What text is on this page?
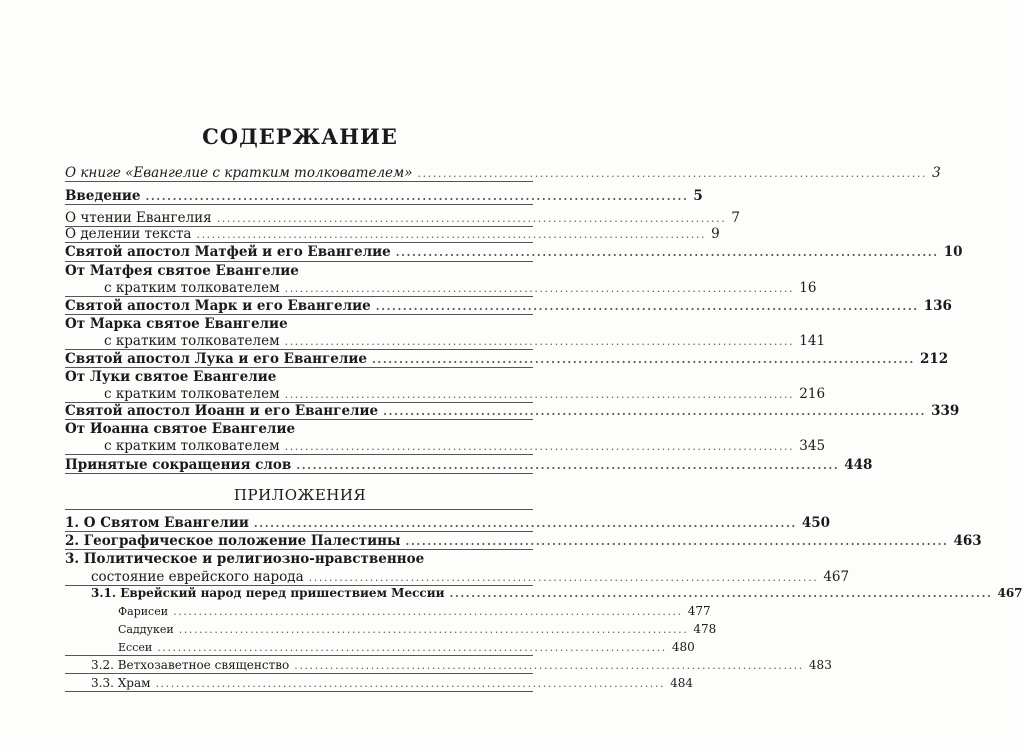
СОДЕРЖАНИЕ
О книге «Евангелие с кратким толкователем» .................................................................................................... 3
Введение .................................................................................................... 5
О чтении Евангелия .................................................................................................... 7
О делении текста .................................................................................................... 9
Святой апостол Матфей и его Евангелие .................................................................................................... 10
От Матфея святое Евангелие
с кратким толкователем .................................................................................................... 16
Святой апостол Марк и его Евангелие .................................................................................................... 136
От Марка святое Евангелие
с кратким толкователем .................................................................................................... 141
Святой апостол Лука и его Евангелие .................................................................................................... 212
От Луки святое Евангелие
с кратким толкователем .................................................................................................... 216
Святой апостол Иоанн и его Евангелие .................................................................................................... 339
От Иоанна святое Евангелие
с кратким толкователем .................................................................................................... 345
Принятые сокращения слов .................................................................................................... 448
ПРИЛОЖЕНИЯ
1. О Святом Евангелии .................................................................................................... 450
2. Географическое положение Палестины .................................................................................................... 463
3. Политическое и религиозно-нравственное
состояние еврейского народа .................................................................................................... 467
3.1. Еврейский народ перед пришествием Мессии .................................................................................................... 467
Фарисеи .................................................................................................... 477
Саддукеи .................................................................................................... 478
Ессеи .................................................................................................... 480
3.2. Ветхозаветное священство .................................................................................................... 483
3.3. Храм .................................................................................................... 484
